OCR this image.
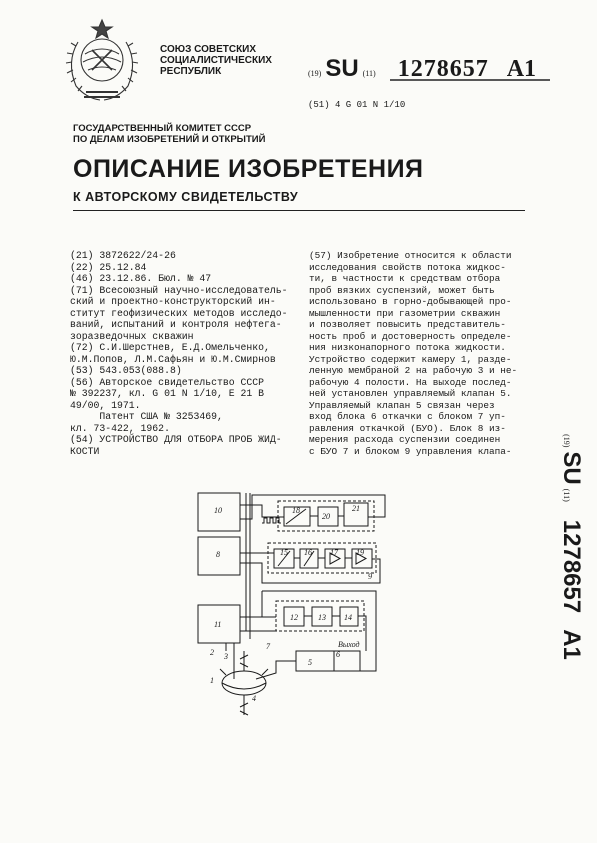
СОЮЗ СОВЕТСКИХ
СОЦИАЛИСТИЧЕСКИХ
РЕСПУБЛИК	(19) SU (11) 1278657 A1
(51) 4 G 01 N 1/10
ГОСУДАРСТВЕННЫЙ КОМИТЕТ СССР
ПО ДЕЛАМ ИЗОБРЕТЕНИЙ И ОТКРЫТИЙ
ОПИСАНИЕ ИЗОБРЕТЕНИЯ
К АВТОРСКОМУ СВИДЕТЕЛЬСТВУ
(21) 3872622/24-26
(22) 25.12.84
(46) 23.12.86. Бюл. № 47
(71) Всесоюзный научно-исследователь-
ский и проектно-конструкторский ин-
ститут геофизических методов исследо-
ваний, испытаний и контроля нефтега-
зоразведочных скважин
(72) С.И.Шерстнев, Е.Д.Омельченко,
Ю.М.Попов, Л.М.Сафьян и Ю.М.Смирнов
(53) 543.053(088.8)
(56) Авторское свидетельство СССР
№ 392237, кл. G 01 N 1/10, Е 21 В
49/00, 1971.
Патент США № 3253469,
кл. 73-422, 1962.
(54) УСТРОЙСТВО ДЛЯ ОТБОРА ПРОБ ЖИД-
КОСТИ
(57) Изобретение относится к области
исследования свойств потока жидкос-
ти, в частности к средствам отбора
проб вязких суспензий, может быть
использовано в горно-добывающей про-
мышленности при газометрии скважин
и позволяет повысить представитель-
ность проб и достоверность определе-
ния низконапорного потока жидкости.
Устройство содержит камеру 1, разде-
ленную мембраной 2 на рабочую 3 и не-
рабочую 4 полости. На выходе послед-
ней установлен управляемый клапан 5.
Управляемый клапан 5 связан через
вход блока 6 откачки с блоком 7 уп-
равления откачкой (БУО). Блок 8 из-
мерения расхода суспензии соединен
с БУО 7 и блоком 9 управления клапа-
(19) SU (11) 1278657 A1
10
8
11
18
20
21
15 16 17 19
9
12	13 14
5
2
1
3
4
6
7	Выход
